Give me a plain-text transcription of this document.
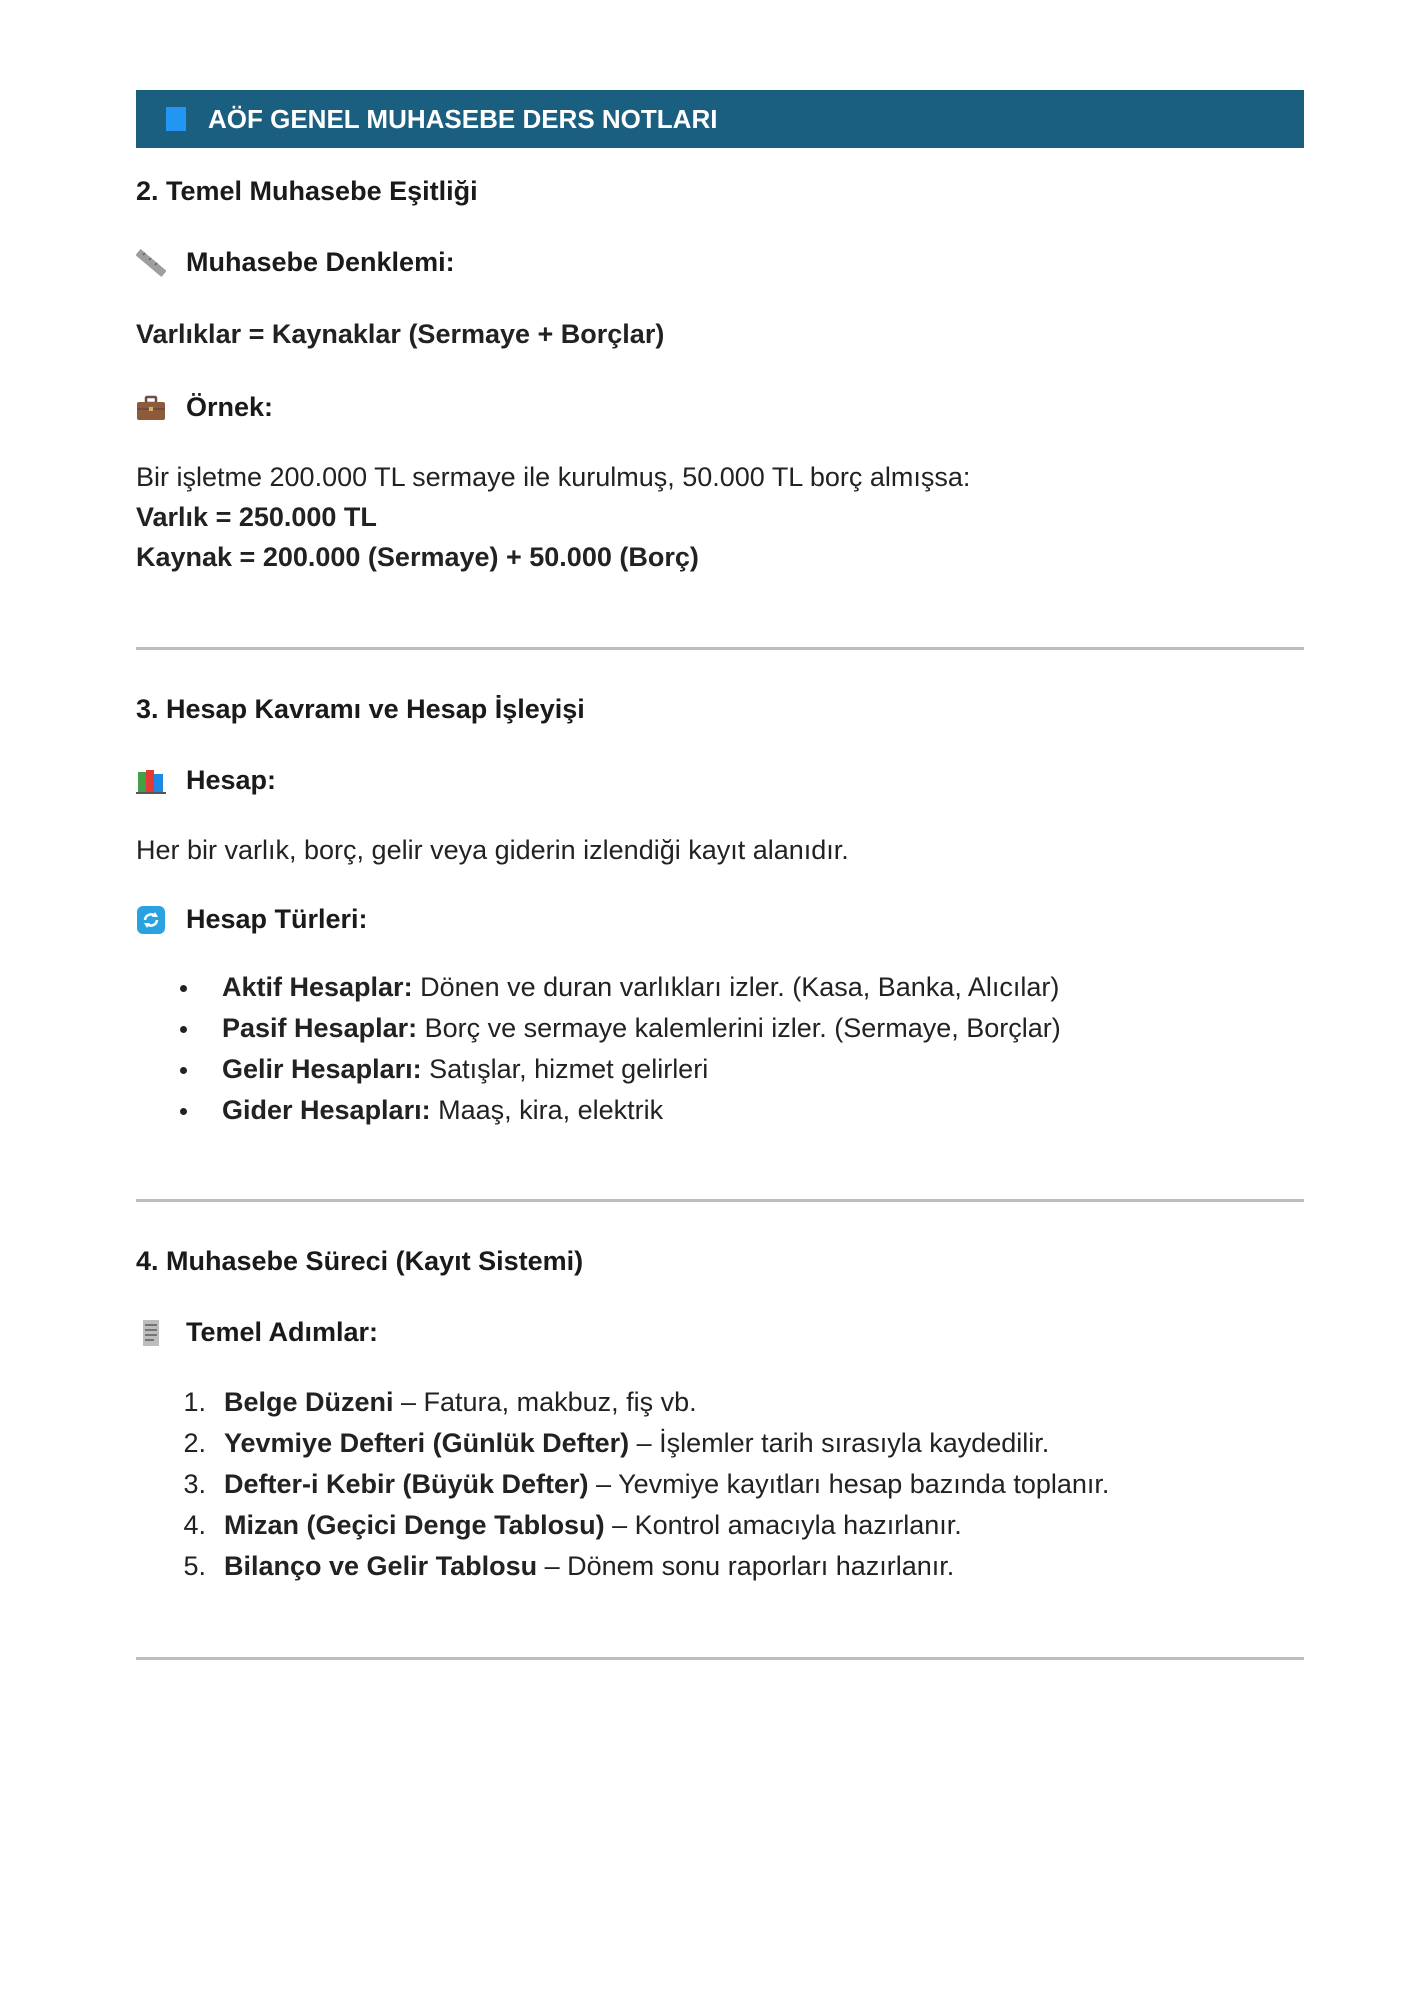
AÖF GENEL MUHASEBE DERS NOTLARI
2. Temel Muhasebe Eşitliği
Muhasebe Denklemi:

Varlıklar = Kaynaklar (Sermaye + Borçlar)

Örnek:

Bir işletme 200.000 TL sermaye ile kurulmuş, 50.000 TL borç almışsa:

Varlık = 250.000 TL

Kaynak = 200.000 (Sermaye) + 50.000 (Borç)

3. Hesap Kavramı ve Hesap İşleyişi
Hesap:

Her bir varlık, borç, gelir veya giderin izlendiği kayıt alanıdır.

Hesap Türleri:
Aktif Hesaplar: Dönen ve duran varlıkları izler. (Kasa, Banka, Alıcılar)
Pasif Hesaplar: Borç ve sermaye kalemlerini izler. (Sermaye, Borçlar)
Gelir Hesapları: Satışlar, hizmet gelirleri
Gider Hesapları: Maaş, kira, elektrik
4. Muhasebe Süreci (Kayıt Sistemi)
Temel Adımlar:
1. Belge Düzeni – Fatura, makbuz, fiş vb.
2. Yevmiye Defteri (Günlük Defter) – İşlemler tarih sırasıyla kaydedilir.
3. Defter-i Kebir (Büyük Defter) – Yevmiye kayıtları hesap bazında toplanır.
4. Mizan (Geçici Denge Tablosu) – Kontrol amacıyla hazırlanır.
5. Bilanço ve Gelir Tablosu – Dönem sonu raporları hazırlanır.
